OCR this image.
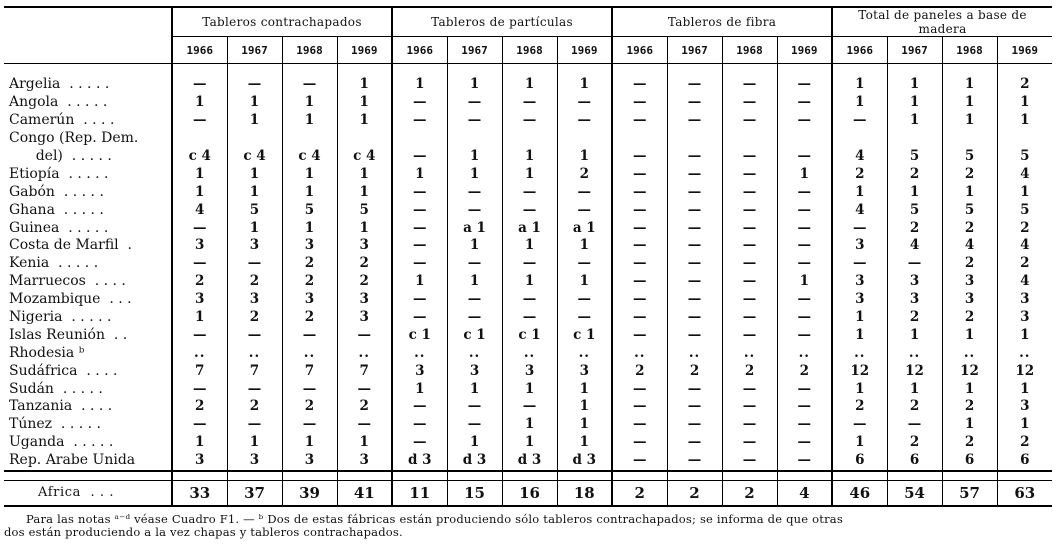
	Tableros contrachapados				Tableros de partículas				Tableros de fibra				Total de paneles a base de madera			
	1966	1967	1968	1969	1966	1967	1968	1969	1966	1967	1968	1969	1966	1967	1968	1969

Argelia  . . . . .	—	—	—	1	1	1	1	1	—	—	—	—	1	1	1	2
Angola  . . . . .	1	1	1	1	—	—	—	—	—	—	—	—	1	1	1	1
Camerún  . . . .	—	1	1	1	—	—	—	—	—	—	—	—	—	1	1	1
Congo (Rep. Dem.																
del)  . . . . .	c 4	c 4	c 4	c 4	—	1	1	1	—	—	—	—	4	5	5	5
Etiopía  . . . . .	1	1	1	1	1	1	1	2	—	—	—	1	2	2	2	4
Gabón  . . . . .	1	1	1	1	—	—	—	—	—	—	—	—	1	1	1	1
Ghana  . . . . .	4	5	5	5	—	—	—	—	—	—	—	—	4	5	5	5
Guinea  . . . . .	—	1	1	1	—	a 1	a 1	a 1	—	—	—	—	—	2	2	2
Costa de Marfil  .	3	3	3	3	—	1	1	1	—	—	—	—	3	4	4	4
Kenia  . . . . .	—	—	2	2	—	—	—	—	—	—	—	—	—	—	2	2
Marruecos  . . . .	2	2	2	2	1	1	1	1	—	—	—	1	3	3	3	4
Mozambique  . . .	3	3	3	3	—	—	—	—	—	—	—	—	3	3	3	3
Nigeria  . . . . .	1	2	2	3	—	—	—	—	—	—	—	—	1	2	2	3
Islas Reunión  . .	—	—	—	—	c 1	c 1	c 1	c 1	—	—	—	—	1	1	1	1
Rhodesia ᵇ	..	..	..	..	..	..	..	..	..	..	..	..	..	..	..	..
Sudáfrica  . . . .	7	7	7	7	3	3	3	3	2	2	2	2	12	12	12	12
Sudán  . . . . .	—	—	—	—	1	1	1	1	—	—	—	—	1	1	1	1
Tanzania  . . . .	2	2	2	2	—	—	—	1	—	—	—	—	2	2	2	3
Túnez  . . . . .	—	—	—	—	—	—	1	1	—	—	—	—	—	—	1	1
Uganda  . . . . .	1	1	1	1	—	1	1	1	—	—	—	—	1	2	2	2
Rep. Arabe Unida	3	3	3	3	d 3	d 3	d 3	d 3	—	—	—	—	6	6	6	6

Africa  . . .	33	37	39	41	11	15	16	18	2	2	2	4	46	54	57	63
Para las notas ᵃ⁻ᵈ véase Cuadro F1. — ᵇ Dos de estas fábricas están produciendo sólo tableros contrachapados; se informa de que otras
dos están produciendo a la vez chapas y tableros contrachapados.
